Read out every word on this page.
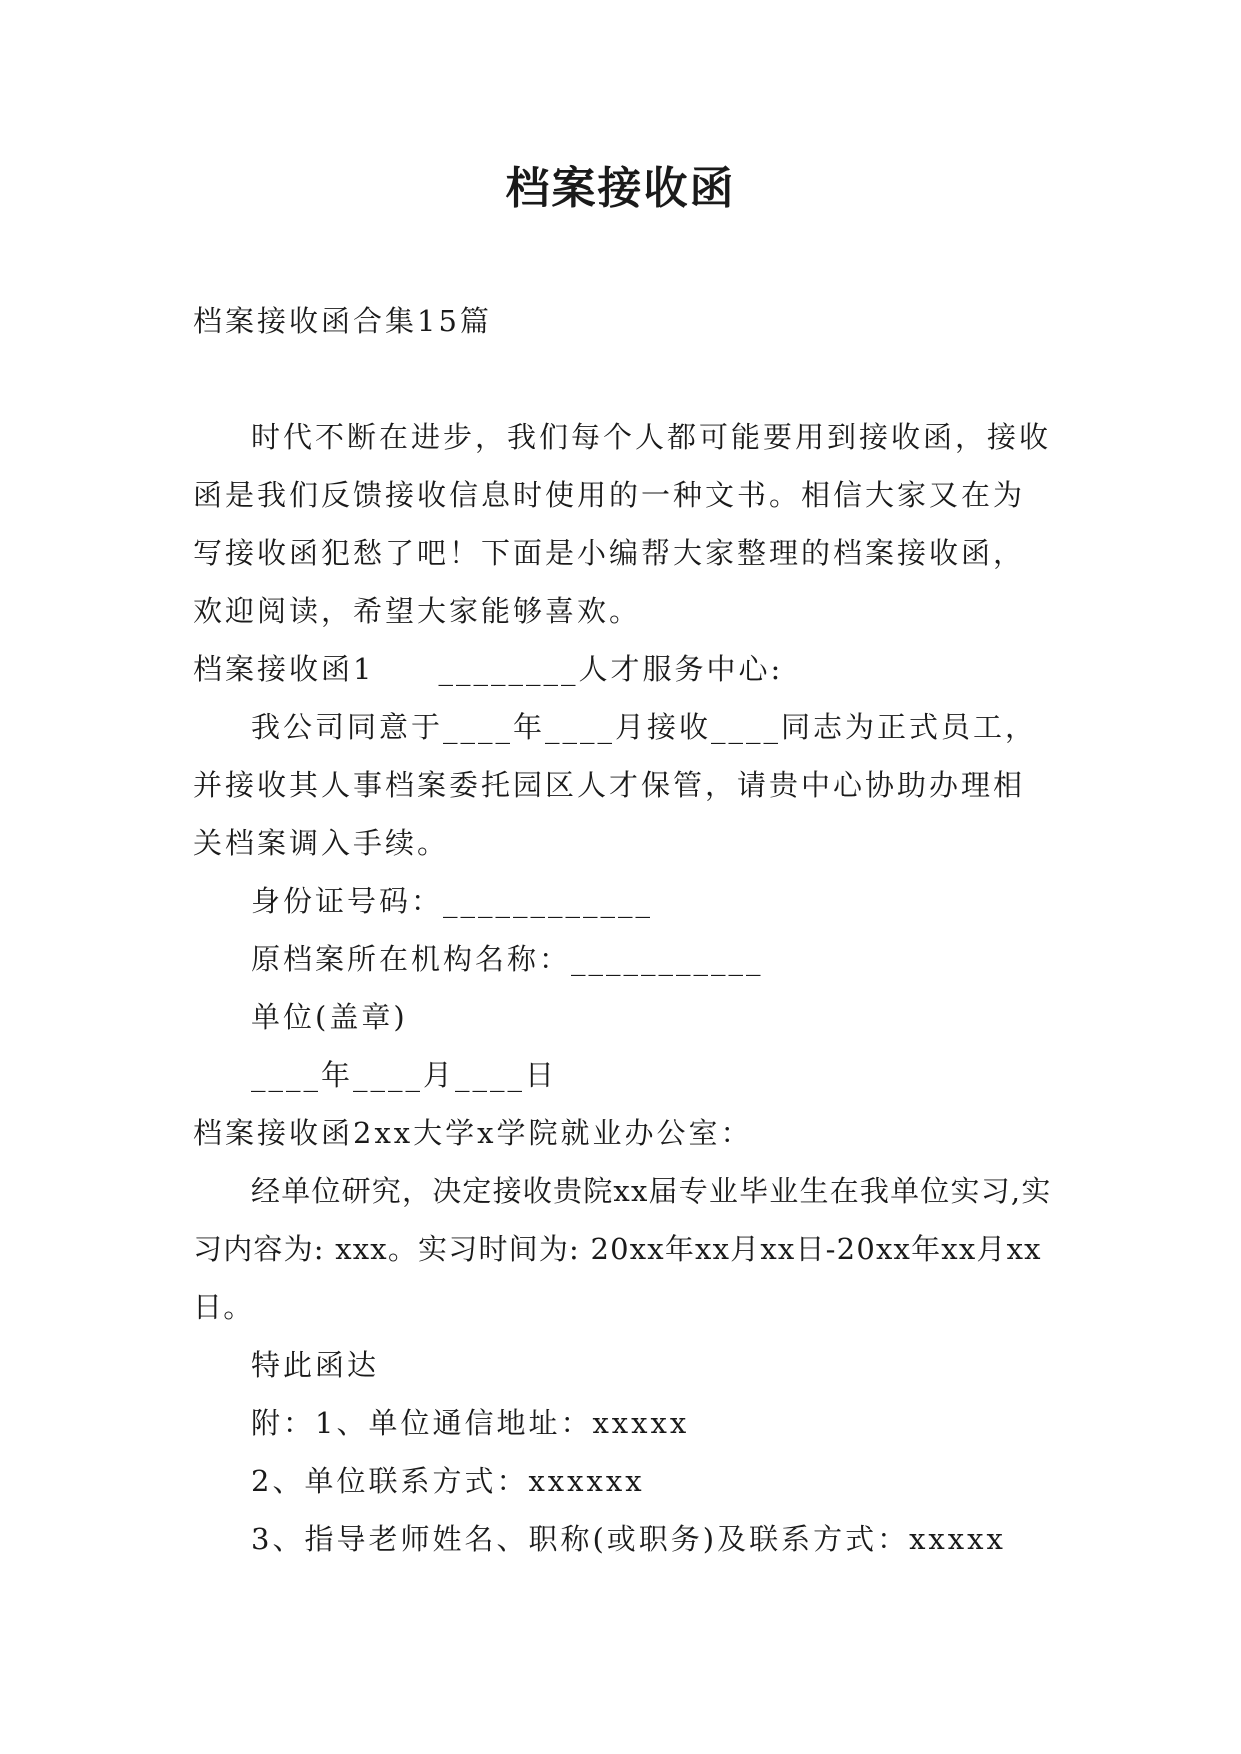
档案接收函

档案接收函合集15篇

时代不断在进步，我们每个人都可能要用到接收函，接收函是我们反馈接收信息时使用的一种文书。相信大家又在为写接收函犯愁了吧！下面是小编帮大家整理的档案接收函，欢迎阅读，希望大家能够喜欢。

档案接收函1 ________人才服务中心:

我公司同意于____年____月接收____同志为正式员工，并接收其人事档案委托园区人才保管，请贵中心协助办理相关档案调入手续。

身份证号码：____________

原档案所在机构名称：___________

单位(盖章)

____年____月____日

档案接收函2xx大学x学院就业办公室：

经单位研究，决定接收贵院xx届专业毕业生在我单位实习,实习内容为: xxx。实习时间为: 20xx年xx月xx日-20xx年xx月xx日。

特此函达

附：1、单位通信地址：xxxxx

2、单位联系方式：xxxxxx

3、指导老师姓名、职称(或职务)及联系方式：xxxxx
